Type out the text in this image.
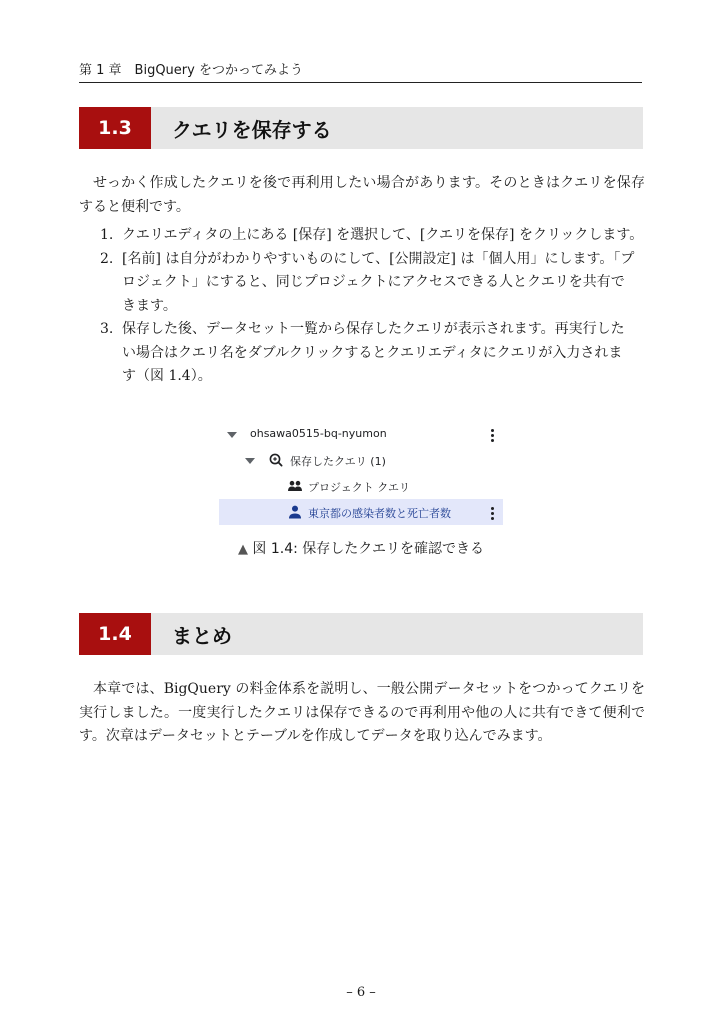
第 1 章　BigQuery をつかってみよう
1.3	クエリを保存する

せっかく作成したクエリを後で再利用したい場合があります。そのときはクエリを保存すると便利です。

1. クエリエディタの上にある [保存] を選択して、[クエリを保存] をクリックします。
2. [名前] は自分がわかりやすいものにして、[公開設定] は「個人用」にします。「プ
ロジェクト」にすると、同じプロジェクトにアクセスできる人とクエリを共有で
きます。
3. 保存した後、データセット一覧から保存したクエリが表示されます。再実行した
い場合はクエリ名をダブルクリックするとクエリエディタにクエリが入力されま
す（図 1.4）。
ohsawa0515-bq-nyumon
保存したクエリ (1)
プロジェクト クエリ
東京都の感染者数と死亡者数
▲ 図 1.4: 保存したクエリを確認できる
1.4	まとめ

本章では、BigQuery の料金体系を説明し、一般公開データセットをつかってクエリを実行しました。一度実行したクエリは保存できるので再利用や他の人に共有できて便利です。次章はデータセットとテーブルを作成してデータを取り込んでみます。

– 6 –
